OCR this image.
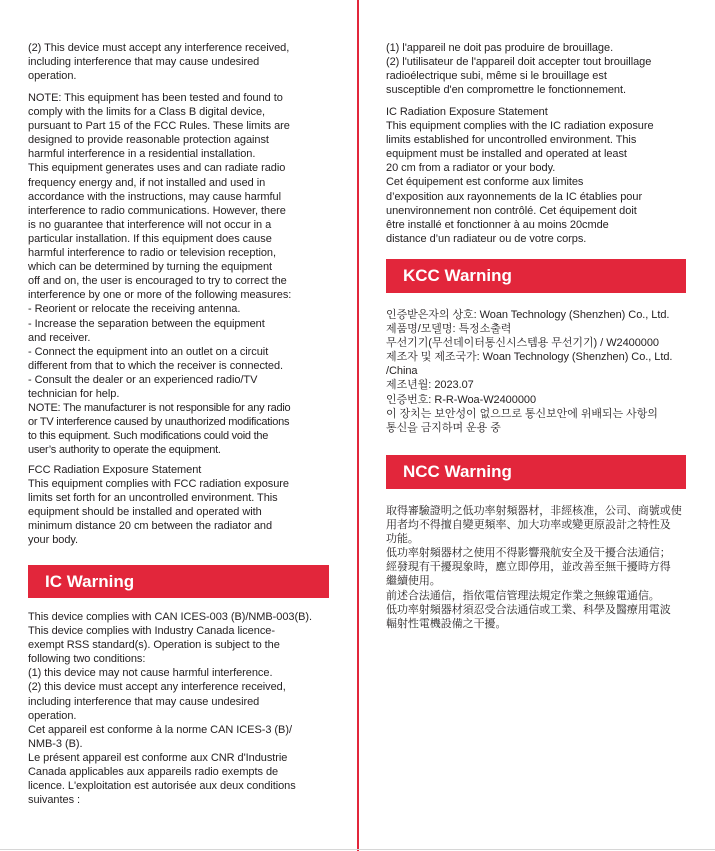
(2) This device must accept any interference received,
including interference that may cause undesired
operation.
NOTE: This equipment has been tested and found to
comply with the limits for a Class B digital device,
pursuant to Part 15 of the FCC Rules. These limits are
designed to provide reasonable protection against
harmful interference in a residential installation.
This equipment generates uses and can radiate radio
frequency energy and, if not installed and used in
accordance with the instructions, may cause harmful
interference to radio communications. However, there
is no guarantee that interference will not occur in a
particular installation. If this equipment does cause
harmful interference to radio or television reception,
which can be determined by turning the equipment
off and on, the user is encouraged to try to correct the
interference by one or more of the following measures:
- Reorient or relocate the receiving antenna.
- Increase the separation between the equipment
and receiver.
- Connect the equipment into an outlet on a circuit
different from that to which the receiver is connected.
- Consult the dealer or an experienced radio/TV
technician for help.
NOTE: The manufacturer is not responsible for any radio
or TV interference caused by unauthorized modifications
to this equipment. Such modifications could void the
user’s authority to operate the equipment.
FCC Radiation Exposure Statement
This equipment complies with FCC radiation exposure
limits set forth for an uncontrolled environment. This
equipment should be installed and operated with
minimum distance 20 cm between the radiator and
your body.
IC Warning
This device complies with CAN ICES-003 (B)/NMB-003(B).
This device complies with Industry Canada licence-
exempt RSS standard(s). Operation is subject to the
following two conditions:
(1) this device may not cause harmful interference.
(2) this device must accept any interference received,
including interference that may cause undesired
operation.
Cet appareil est conforme à la norme CAN ICES-3 (B)/
NMB-3 (B).
Le présent appareil est conforme aux CNR d'Industrie
Canada applicables aux appareils radio exempts de
licence. L'exploitation est autorisée aux deux conditions
suivantes :
(1) l'appareil ne doit pas produire de brouillage.
(2) l'utilisateur de l'appareil doit accepter tout brouillage
radioélectrique subi, même si le brouillage est
susceptible d'en compromettre le fonctionnement.
IC Radiation Exposure Statement
This equipment complies with the IC radiation exposure
limits established for uncontrolled environment. This
equipment must be installed and operated at least
20 cm from a radiator or your body.
Cet équipement est conforme aux limites
d’exposition aux rayonnements de la IC établies pour
unenvironnement non contrôlé. Cet équipement doit
être installé et fonctionner à au moins 20cmde
distance d’un radiateur ou de votre corps.
KCC Warning
인증받은자의 상호: Woan Technology (Shenzhen) Co., Ltd.
제품명/모델명: 특정소출력
무선기기(무선데이터통신시스템용 무선기기) / W2400000
제조자 및 제조국가: Woan Technology (Shenzhen) Co., Ltd.
/China
제조년월: 2023.07
인증번호: R-R-Woa-W2400000
이 장치는 보안성이 없으므로 통신보안에 위배되는 사항의
통신을 금지하며 운용 중
NCC Warning
取得審驗證明之低功率射頻器材，非經核准，公司、商號或使
用者均不得擅自變更頻率、加大功率或變更原設計之特性及
功能。
低功率射頻器材之使用不得影響飛航安全及干擾合法通信；
經發現有干擾現象時，應立即停用，並改善至無干擾時方得
繼續使用。
前述合法通信，指依電信管理法規定作業之無線電通信。
低功率射頻器材須忍受合法通信或工業、科學及醫療用電波
輻射性電機設備之干擾。
